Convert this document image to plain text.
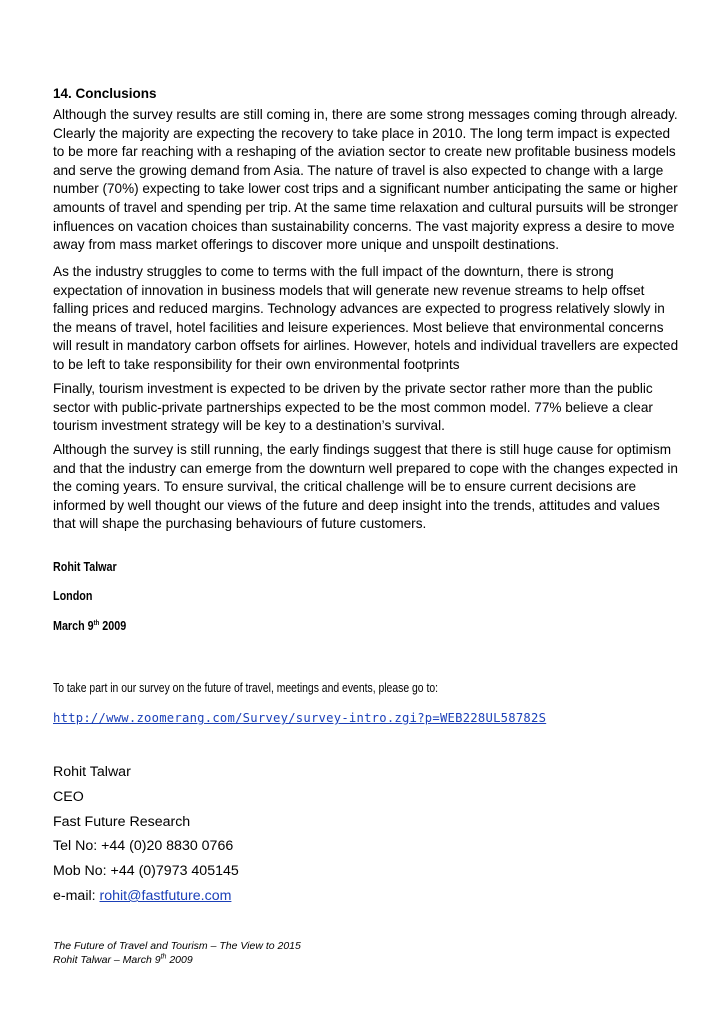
14. Conclusions
Although the survey results are still coming in, there are some strong messages coming through already.
Clearly the majority are expecting the recovery to take place in 2010. The long term impact is expected
to be more far reaching with a reshaping of the aviation sector to create new profitable business models
and serve the growing demand from Asia. The nature of travel is also expected to change with a large
number (70%) expecting to take lower cost trips and a significant number anticipating the same or higher
amounts of travel and spending per trip. At the same time relaxation and cultural pursuits will be stronger
influences on vacation choices than sustainability concerns. The vast majority express a desire to move
away from mass market offerings to discover more unique and unspoilt destinations.
As the industry struggles to come to terms with the full impact of the downturn, there is strong
expectation of innovation in business models that will generate new revenue streams to help offset
falling prices and reduced margins. Technology advances are expected to progress relatively slowly in
the means of travel, hotel facilities and leisure experiences. Most believe that environmental concerns
will result in mandatory carbon offsets for airlines. However, hotels and individual travellers are expected
to be left to take responsibility for their own environmental footprints
Finally, tourism investment is expected to be driven by the private sector rather more than the public
sector with public-private partnerships expected to be the most common model. 77% believe a clear
tourism investment strategy will be key to a destination’s survival.
Although the survey is still running, the early findings suggest that there is still huge cause for optimism
and that the industry can emerge from the downturn well prepared to cope with the changes expected in
the coming years. To ensure survival, the critical challenge will be to ensure current decisions are
informed by well thought our views of the future and deep insight into the trends, attitudes and values
that will shape the purchasing behaviours of future customers.
Rohit Talwar
London
March 9th 2009
To take part in our survey on the future of travel, meetings and events, please go to:
http://www.zoomerang.com/Survey/survey-intro.zgi?p=WEB228UL58782S
Rohit Talwar
CEO
Fast Future Research
Tel No: +44 (0)20 8830 0766
Mob No: +44 (0)7973 405145
e-mail: rohit@fastfuture.com
The Future of Travel and Tourism – The View to 2015
Rohit Talwar – March 9th 2009
